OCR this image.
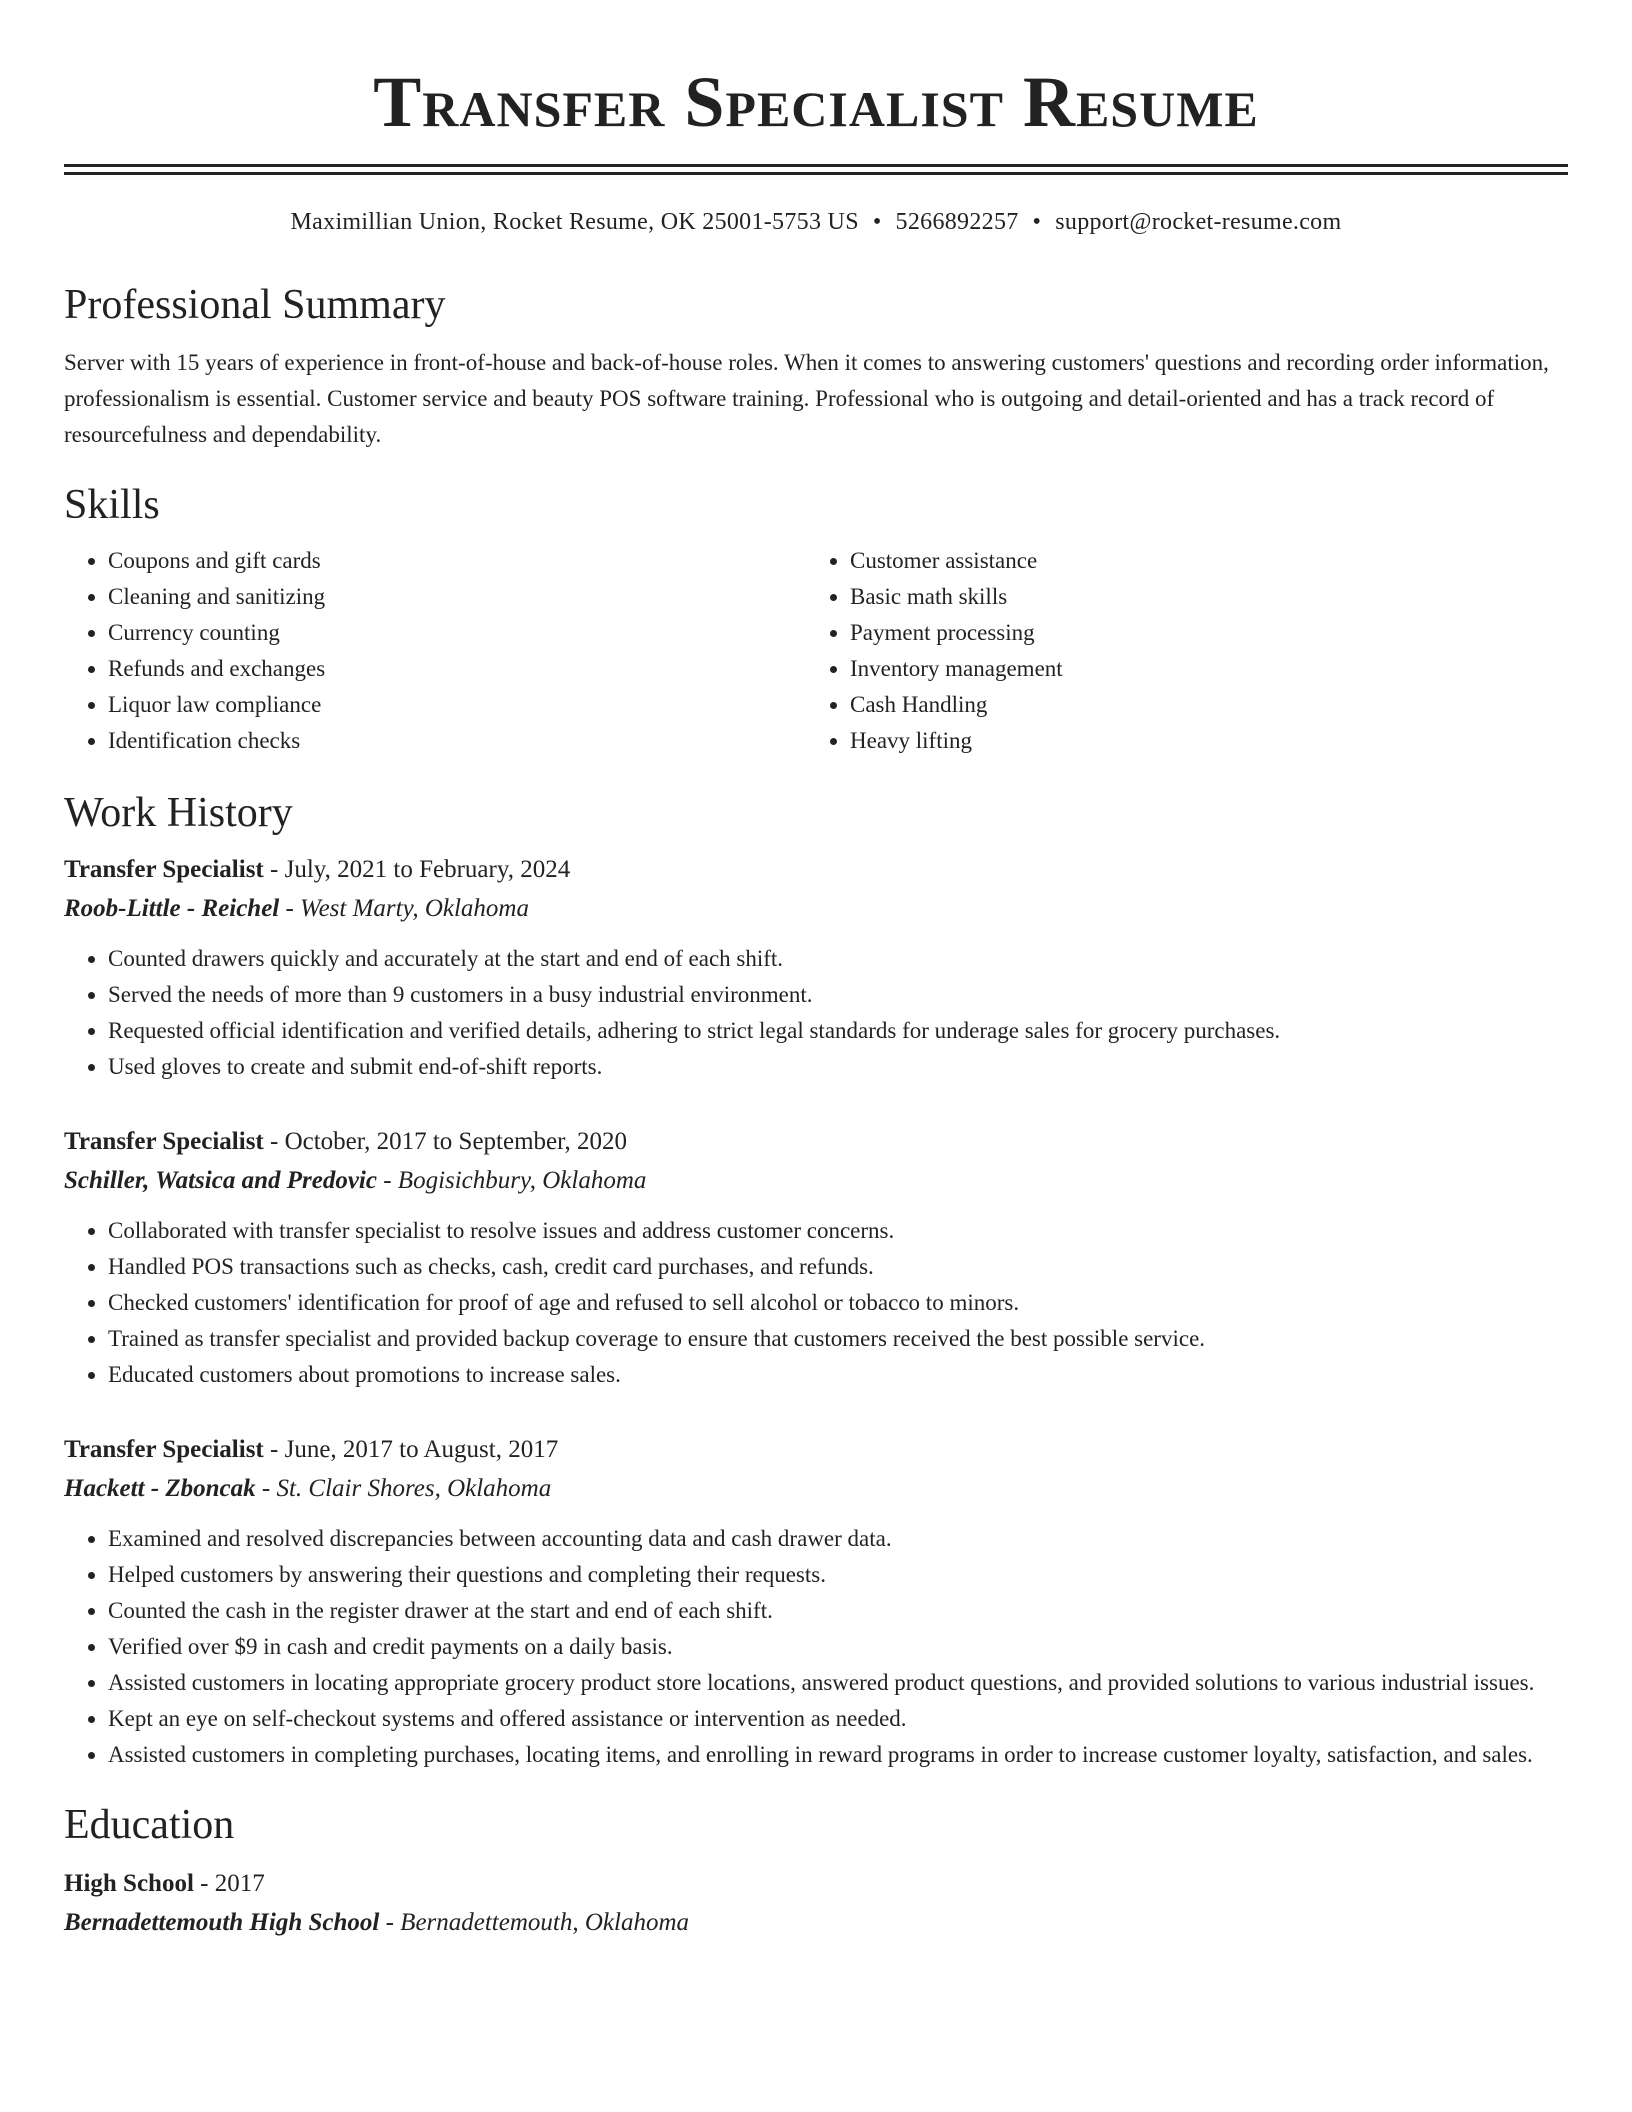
Transfer Specialist Resume
Maximillian Union, Rocket Resume, OK 25001-5753 US • 5266892257 • support@rocket-resume.com
Professional Summary

Server with 15 years of experience in front-of-house and back-of-house roles. When it comes to answering customers' questions and recording order information, professionalism is essential. Customer service and beauty POS software training. Professional who is outgoing and detail-oriented and has a track record of resourcefulness and dependability.

Skills
• Coupons and gift cards
• Cleaning and sanitizing
• Currency counting
• Refunds and exchanges
• Liquor law compliance
• Identification checks
• Customer assistance
• Basic math skills
• Payment processing
• Inventory management
• Cash Handling
• Heavy lifting
Work History
Transfer Specialist - July, 2021 to February, 2024
Roob-Little - Reichel - West Marty, Oklahoma
• Counted drawers quickly and accurately at the start and end of each shift.
• Served the needs of more than 9 customers in a busy industrial environment.
• Requested official identification and verified details, adhering to strict legal standards for underage sales for grocery purchases.
• Used gloves to create and submit end-of-shift reports.
Transfer Specialist - October, 2017 to September, 2020
Schiller, Watsica and Predovic - Bogisichbury, Oklahoma
• Collaborated with transfer specialist to resolve issues and address customer concerns.
• Handled POS transactions such as checks, cash, credit card purchases, and refunds.
• Checked customers' identification for proof of age and refused to sell alcohol or tobacco to minors.
• Trained as transfer specialist and provided backup coverage to ensure that customers received the best possible service.
• Educated customers about promotions to increase sales.
Transfer Specialist - June, 2017 to August, 2017
Hackett - Zboncak - St. Clair Shores, Oklahoma
• Examined and resolved discrepancies between accounting data and cash drawer data.
• Helped customers by answering their questions and completing their requests.
• Counted the cash in the register drawer at the start and end of each shift.
• Verified over $9 in cash and credit payments on a daily basis.
• Assisted customers in locating appropriate grocery product store locations, answered product questions, and provided solutions to various industrial issues.
• Kept an eye on self-checkout systems and offered assistance or intervention as needed.
• Assisted customers in completing purchases, locating items, and enrolling in reward programs in order to increase customer loyalty, satisfaction, and sales.
Education
High School - 2017
Bernadettemouth High School - Bernadettemouth, Oklahoma
